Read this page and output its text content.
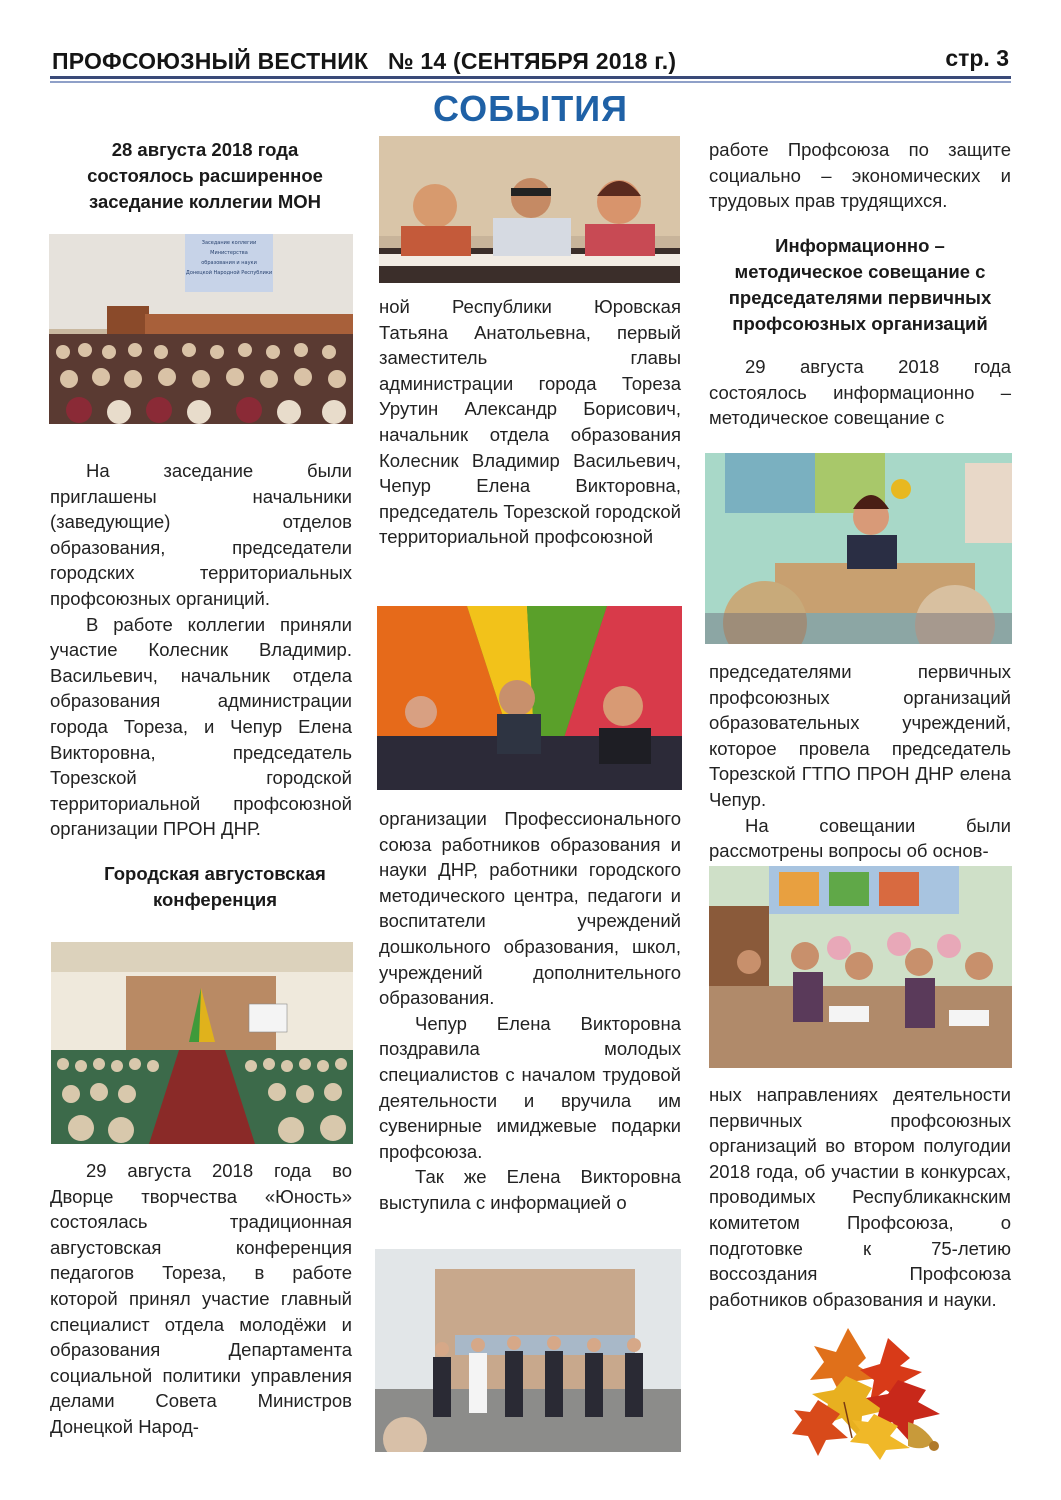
ПРОФСОЮЗНЫЙ ВЕСТНИК   № 14 (СЕНТЯБРЯ 2018 г.)	стр. 3
СОБЫТИЯ
28 августа 2018 года состоялось расширенное заседание коллегии МОН
Заседание коллегии
Министерства
образования и науки
Донецкой Народной Республики

На заседание были приглашены начальники (заведующие) отделов образования, председатели городских территориальных профсоюзных органиций.

В работе коллегии приняли участие Колесник Владимир. Васильевич, начальник отдела образования администрации города Тореза, и Чепур Елена Викторовна, председатель Торезской городской территориальной профсоюзной организации ПРОН ДНР.

Городская августовская конференция

29 августа 2018 года во Дворце творчества «Юность» состоялась традиционная августовская конференция педагогов Тореза, в работе которой принял участие главный специалист отдела молодёжи и образования Департамента социальной политики управления делами Совета Министров Донецкой Народ-

ной Республики Юровская Татьяна Анатольевна, первый заместитель главы администрации города Тореза Урутин Александр Борисович, начальник отдела образования Колесник Владимир Васильевич, Чепур Елена Викторовна, председатель Торезской городской территориальной профсоюзной

организации Профессионального союза работников образования и науки ДНР, работники городского методического центра, педагоги и воспитатели учреждений дошкольного образования, школ, учреждений дополнительного образования.

Чепур Елена Викторовна поздравила молодых специалистов с началом трудовой деятельности и вручила им сувенирные имиджевые подарки профсоюза.

Так же Елена Викторовна выступила с информацией о

работе Профсоюза по защите социально – экономических и трудовых прав трудящихся.

Информационно – методическое совещание с председателями первичных профсоюзных организаций

29 августа 2018 года состоялось информационно – методическое совещание с

председателями первичных профсоюзных организаций образовательных учреждений, которое провела председатель Торезской ГТПО ПРОН ДНР елена Чепур.

На совещании были рассмотрены вопросы об основ-

ных направлениях деятельности первичных профсоюзных организаций во втором полугодии 2018 года, об участии в конкурсах, проводимых Республикакнским комитетом Профсоюза, о подготовке к 75-летию воссоздания Профсоюза работников образования и науки.
